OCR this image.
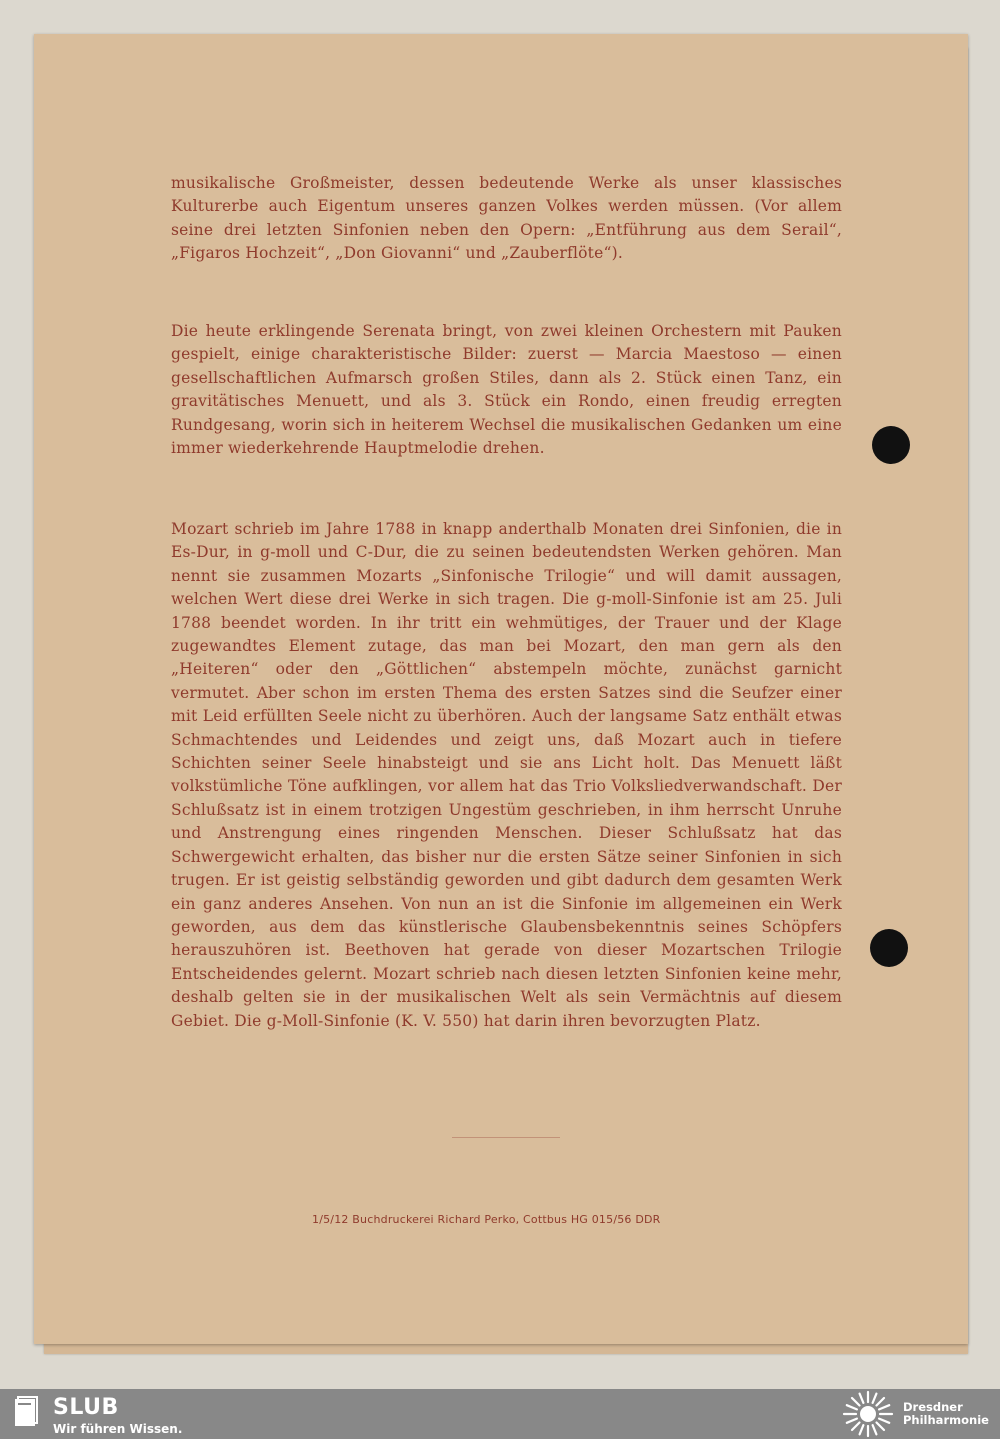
musikalische Großmeister, dessen bedeutende Werke als unser klassisches Kulturerbe auch Eigentum unseres ganzen Volkes werden müssen. (Vor allem seine drei letzten Sinfonien neben den Opern: „Entführung aus dem Serail“, „Figaros Hochzeit“, „Don Giovanni“ und „Zauberflöte“).

Die heute erklingende Serenata bringt, von zwei kleinen Orchestern mit Pauken gespielt, einige charakteristische Bilder: zuerst — Marcia Maestoso — einen gesellschaftlichen Aufmarsch großen Stiles, dann als 2. Stück einen Tanz, ein gravitätisches Menuett, und als 3. Stück ein Rondo, einen freudig erregten Rundgesang, worin sich in heiterem Wechsel die musikalischen Gedanken um eine immer wiederkehrende Hauptmelodie drehen.

Mozart schrieb im Jahre 1788 in knapp anderthalb Monaten drei Sinfonien, die in Es-Dur, in g-moll und C-Dur, die zu seinen bedeutendsten Werken gehören. Man nennt sie zusammen Mozarts „Sinfonische Trilogie“ und will damit aussagen, welchen Wert diese drei Werke in sich tragen. Die g-moll-Sinfonie ist am 25. Juli 1788 beendet worden. In ihr tritt ein wehmütiges, der Trauer und der Klage zugewandtes Element zutage, das man bei Mozart, den man gern als den „Heiteren“ oder den „Göttlichen“ abstempeln möchte, zunächst garnicht vermutet. Aber schon im ersten Thema des ersten Satzes sind die Seufzer einer mit Leid erfüllten Seele nicht zu überhören. Auch der langsame Satz enthält etwas Schmachtendes und Leidendes und zeigt uns, daß Mozart auch in tiefere Schichten seiner Seele hinabsteigt und sie ans Licht holt. Das Menuett läßt volkstümliche Töne aufklingen, vor allem hat das Trio Volksliedverwandschaft. Der Schlußsatz ist in einem trotzigen Ungestüm geschrieben, in ihm herrscht Unruhe und Anstrengung eines ringenden Menschen. Dieser Schlußsatz hat das Schwergewicht erhalten, das bisher nur die ersten Sätze seiner Sinfonien in sich trugen. Er ist geistig selbständig geworden und gibt dadurch dem gesamten Werk ein ganz anderes Ansehen. Von nun an ist die Sinfonie im allgemeinen ein Werk geworden, aus dem das künstlerische Glaubensbekenntnis seines Schöpfers herauszuhören ist. Beethoven hat gerade von dieser Mozartschen Trilogie Entscheidendes gelernt. Mozart schrieb nach diesen letzten Sinfonien keine mehr, deshalb gelten sie in der musikalischen Welt als sein Vermächtnis auf diesem Gebiet. Die g-Moll-Sinfonie (K. V. 550) hat darin ihren bevorzugten Platz.

1/5/12 Buchdruckerei Richard Perko, Cottbus HG 015/56 DDR
SLUB
Wir führen Wissen.
Dresdner
Philharmonie
